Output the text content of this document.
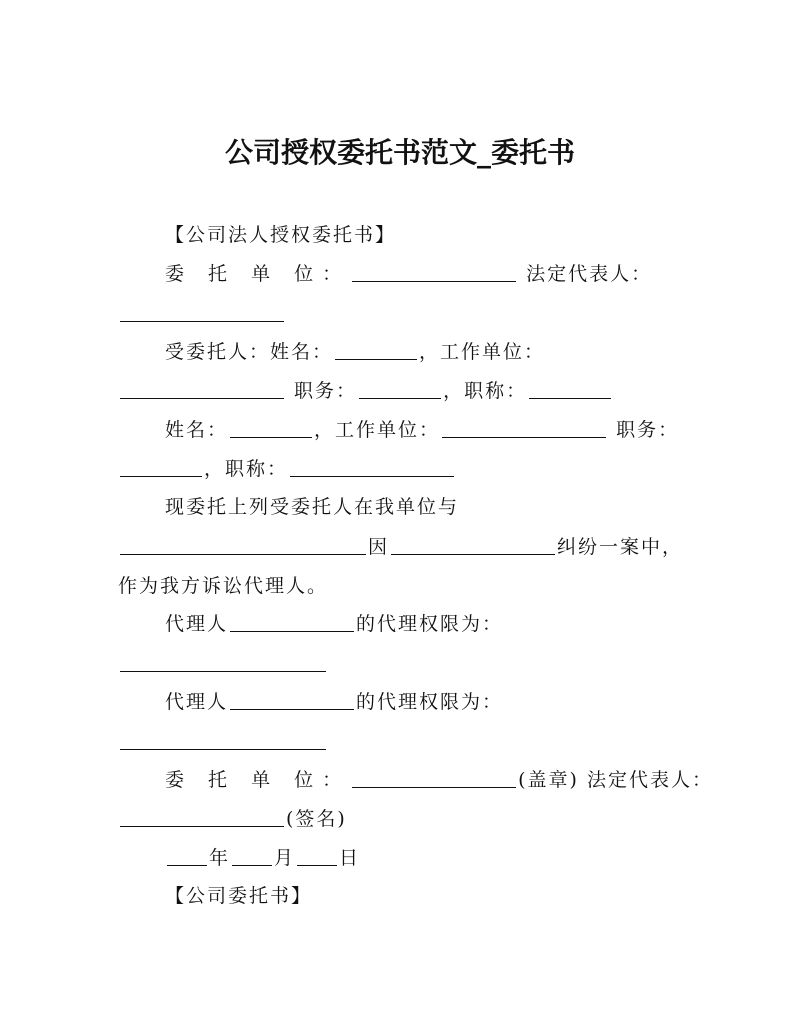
公司授权委托书范文_委托书
【公司法人授权委托书】
委 托 单 位：	法定代表人：
受委托人：姓名：	，工作单位：
职务：	，职称：
姓名：	，工作单位：	职务：
，职称：
现委托上列受委托人在我单位与
因	纠纷一案中，
作为我方诉讼代理人。
代理人	的代理权限为：
代理人	的代理权限为：
委 托 单 位：	(盖章) 法定代表人：
(签名)
年 月 日
【公司委托书】
